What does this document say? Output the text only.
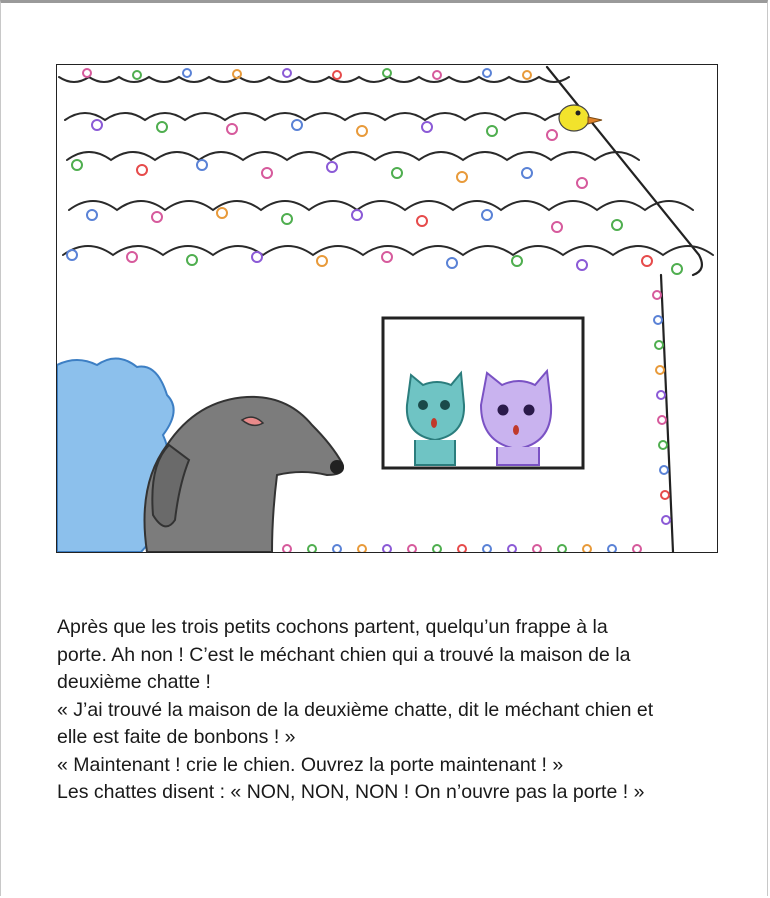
Après que les trois petits cochons partent, quelqu’un frappe à la

porte. Ah non ! C’est le méchant chien qui a trouvé la maison de la

deuxième chatte !

« J’ai trouvé la maison de la deuxième chatte, dit le méchant chien et

elle est faite de bonbons ! »

« Maintenant ! crie le chien. Ouvrez la porte maintenant ! »

Les chattes disent : « NON, NON, NON ! On n’ouvre pas la porte ! »
